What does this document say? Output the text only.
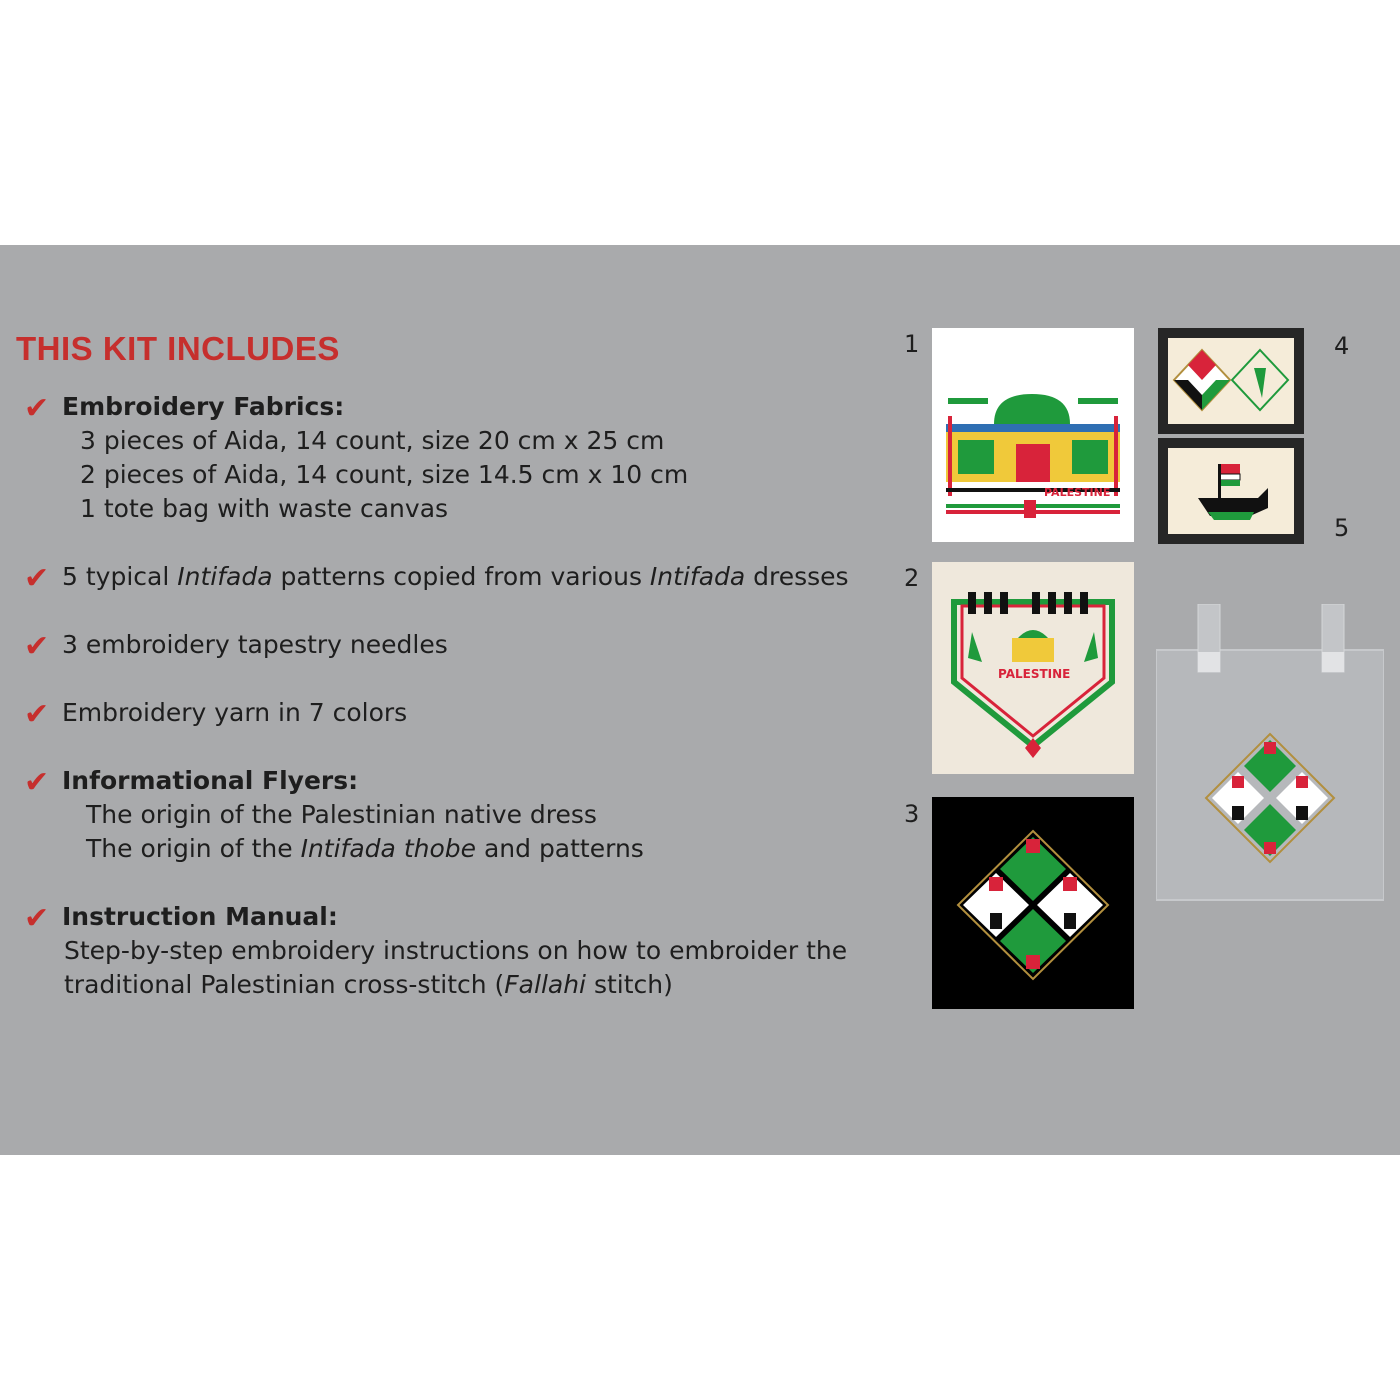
THIS KIT INCLUDES
✔ Embroidery Fabrics:
3 pieces of Aida, 14 count, size 20 cm x 25 cm
2 pieces of Aida, 14 count, size 14.5 cm x 10 cm
1 tote bag with waste canvas
✔ 5 typical Intifada patterns copied from various Intifada dresses
✔ 3 embroidery tapestry needles
✔ Embroidery yarn in 7 colors
✔ Informational Flyers:
The origin of the Palestinian native dress
The origin of the Intifada thobe and patterns
✔ Instruction Manual:
Step-by-step embroidery instructions on how to embroider the
traditional Palestinian cross-stitch (Fallahi stitch)
1
2
3
4
5
PALESTINE
PALESTINE
